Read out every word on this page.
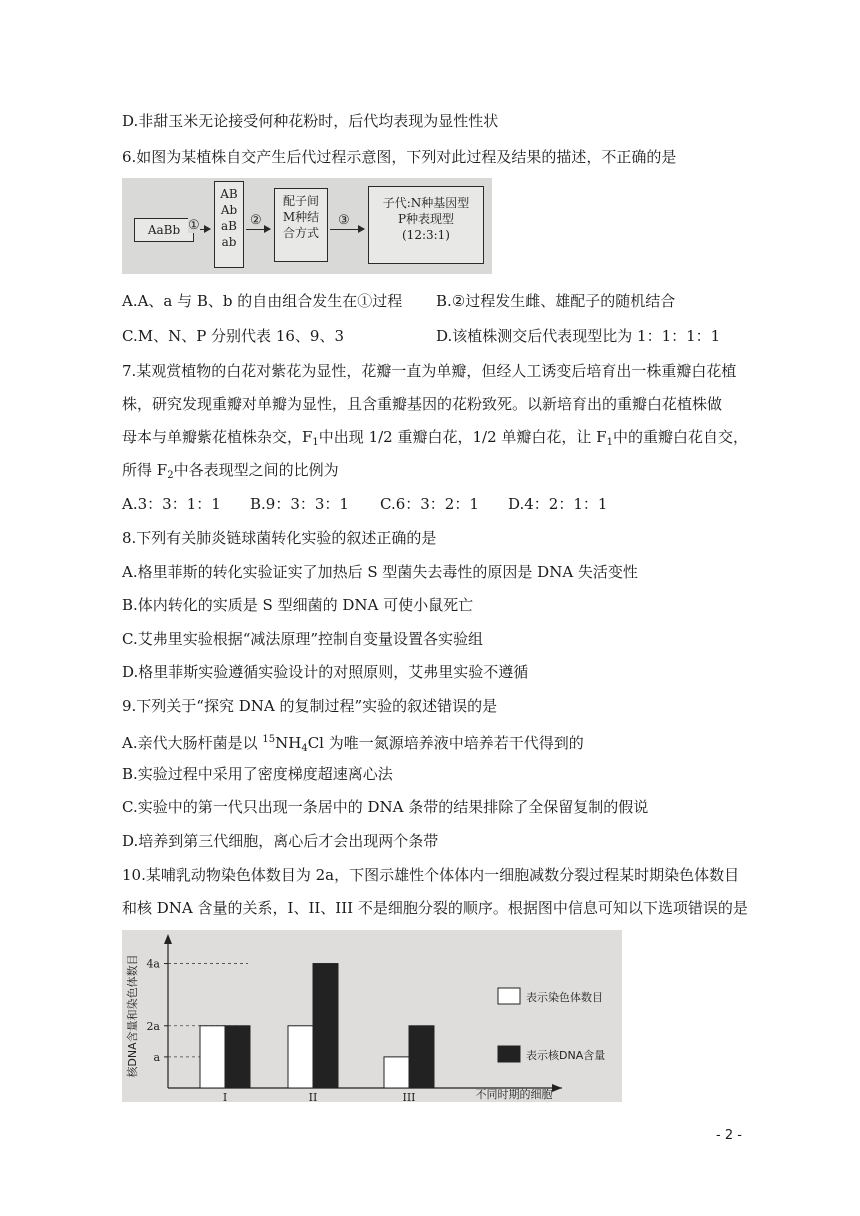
D.非甜玉米无论接受何种花粉时，后代均表现为显性性状
6.如图为某植株自交产生后代过程示意图，下列对此过程及结果的描述，不正确的是
AaBb ①
AB
Ab
aB
ab
②
配子间
M种结
合方式
③
子代:N种基因型
P种表现型
(12:3:1)
A.A、a 与 B、b 的自由组合发生在①过程 B.②过程发生雌、雄配子的随机结合
C.M、N、P 分别代表 16、9、3	D.该植株测交后代表现型比为 1：1：1：1
7.某观赏植物的白花对紫花为显性，花瓣一直为单瓣，但经人工诱变后培育出一株重瓣白花植
株，研究发现重瓣对单瓣为显性，且含重瓣基因的花粉致死。以新培育出的重瓣白花植株做
母本与单瓣紫花植株杂交，$F_1$中出现 1/2 重瓣白花，1/2 单瓣白花，让 $F_1$中的重瓣白花自交，
所得 $F_2$中各表现型之间的比例为
A.3：3：1：1 B.9：3：3：1 C.6：3：2：1 D.4：2：1：1
8.下列有关肺炎链球菌转化实验的叙述正确的是
A.格里菲斯的转化实验证实了加热后 S 型菌失去毒性的原因是 DNA 失活变性
B.体内转化的实质是 S 型细菌的 DNA 可使小鼠死亡
C.艾弗里实验根据“减法原理”控制自变量设置各实验组
D.格里菲斯实验遵循实验设计的对照原则，艾弗里实验不遵循
9.下列关于“探究 DNA 的复制过程”实验的叙述错误的是
A.亲代大肠杆菌是以 $^{15}NH_4Cl$ 为唯一氮源培养液中培养若干代得到的
B.实验过程中采用了密度梯度超速离心法
C.实验中的第一代只出现一条居中的 DNA 条带的结果排除了全保留复制的假说
D.培养到第三代细胞，离心后才会出现两个条带
10.某哺乳动物染色体数目为 2a，下图示雄性个体体内一细胞减数分裂过程某时期染色体数目
和核 DNA 含量的关系，I、II、III 不是细胞分裂的顺序。根据图中信息可知以下选项错误的是
核DNA含量和染色体数目 a
2a
4a
I	II	III	不同时期的细胞
表示染色体数目
表示核DNA含量
- 2 -
